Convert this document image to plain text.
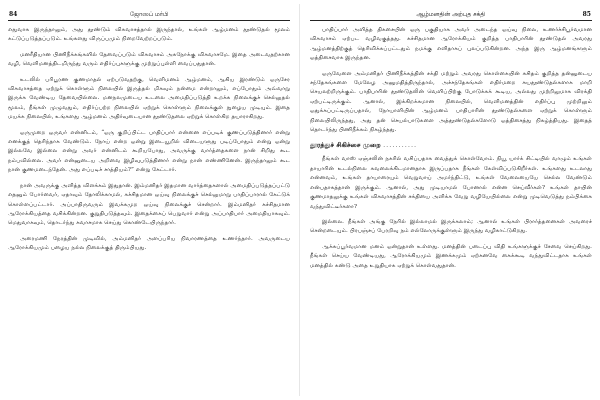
84	ஜோஸப் மர்பி

எதுவாக இருந்தாலும், அது தூண்டும் விசுவாசத்தால் இருந்தால், உங்கள் ஆழ்மனம் தூண்டுதல் மூலம் கட்டுப்படுத்தப்படும். உங்களது விருப்பமும் நிறைவேற்றப்படும்.

மனரீதியான பிணிநீக்கங்களில் தேவைப்படும் விசுவாசம் அகநோக்கு விசுவாசமே. இதை அடைவதற்கான வழி, வெளிமனத்திடமிருந்து வரும் எதிர்ப்புகளுக்கு முற்றுப்புள்ளி வைப்பதுதான்.

உடலில் பரிபூரண குணமாதல் ஏற்படுவதற்கு, வெளிமனம் ஆழ்மனம், ஆகிய இரண்டும் ஒருசேர விசுவாசத்தை ஏற்றுக் கொள்ளும் நிலையில் இருத்தல் மிகவும் நன்மை என்றாலும், எப்போதும் அவ்வாறு இருக்க வேண்டிய தேவையில்லை. மனநலமுடைய உடலை அமைதிப்படுத்தி உறக்க நிலைக்குச் செல்லுதல் மூலம், நீங்கள் முழுவதும், எதிர்ப்பற்ற நிலையில் ஏற்றுக் கொள்ளும் நிலைக்குள் நுழைய முடியும். இதை மயக்க நிலையில், உங்களது ஆழ்மனம் அதிர்வுடையான தூண்டுதலை ஏற்றுக் கொள்கிற தயாராகிறது.

ஒருமுறை ஒருவர் என்னிடம், “ஒரு குறிப்பிட்ட பாதிப்பார் என்னை எப்படிக் குணப்படுத்தினார் என்று எனக்குத் தெரிந்தாக வேண்டும். நோய் என்ற ஒன்று இடையூறில் விடையளுது படிப்போதும் என்று ஒன்று இல்லவே இல்லை என்று அவர் என்னிடம் கூறியபோது, அவருக்கு வார்த்தைகளை நான் சிறிது கூட நம்பவில்லை. அவர் என்னுடைய அறிவை இழிவுபடுத்தினார் என்று நான் எண்ணினேன். இருந்தாலும் கூட நான் குணமடைந்தேன். அது எப்படிச் சாத்தியம்?” என்று கேட்டார்.

நான் அவருக்கு அளித்த விளக்கம் இதுதான். இம்மனிதர் இதமான வார்த்தைகளால் அமைதிப்படுத்தப்பட்டு எதனும் போர்வைர், ஏதாவும் தோலிக்காமல், கச்சிதமான ஒய்வு நிலைக்குச் செல்லுமாறு பாதிப்பாரால் கேட்டுக் கொள்ளப்பட்டார். அப்பாதிருவரும் இவக்கமுற ஒய்வு நிலைக்குச் சென்றார். இம்மனிதர் கச்சிதமான ஆரோக்கியத்தை வசிக்கின்றன. குறுதிபடுத்தவும். இதைக்கைப் பெறுவார் என்று அப்பாதிபார் அமைதியாகவும். மெதுவாகவும், தொடர்ந்து சுவாசமாக செய்து கொண்டேயிருந்தார்.

அரைமணி நேரத்தின் முடிவில், அம்மனிதர் அளப்பரிய நிவாரணத்தை உணர்ந்தார். அவருடைய ஆரோக்கியமும் பழைய நல்ல நிலைக்குத் திரும்பியது.

ஆழ்மனதின் அற்புத சக்தி	85

பாதிப்பார் அளித்த திகசையின் ஒரு பகுதியாக அவர் அடைந்த ஒய்வு நிலை, உணர்ச்சிபூர்வமான விசுவாசம் ஏற்பட வழிவகுத்தது. கச்சிதமான ஆரோக்கியம் குறித்த பாதிபாரின் தூண்டுதல் அவரது ஆழ்மனத்திற்குத் தெரிவிக்கப்பட்டதும் நமக்கு எளிதாகப் புலப்படுகின்றன. அந்த இரு ஆழ்மனங்களும் ஒத்திசைவாக இருந்தன.

ஒருவேளை அம்மனிதர் பிணிநீக்கத்தின் சக்தி மற்றும் அவரது கொள்கையின் சுசிதம் குறித்த தன்னுடைய சந்தேகங்களை மேலேழ அனுமதித்திருந்தால், அச்சந்தேகங்கள் எதிர்மறை சுயதூண்டுதல்களாக மாறி செயலற்றிருக்கும். பாதிபாரின் தூண்டுதலின் வெளிப்பிற்கு போடுக்கக் கூடிய, அல்லது முற்றிலுமாக விரக்தி ஏற்பட்டிருக்கும். ஆனால், இக்கிறக்கமான நிலையில், வெளிமனத்தின் எதிர்ப்பு முற்றிலும் ஒதுக்கப்பட்டிருப்பதால், நோயாளியின் ஆழ்மனம் பாதிபாரின் தூண்டுதல்களை ஏற்றுக் கொள்ளும் நிலையிலிருந்தது, அது தன் செயல்பாடுகளை அத்தூண்டுதல்களோடு ஒத்திசைத்து நிகழ்த்தியது. இதைத் தொடர்ந்து பிணிநீக்கம் நிகழ்ந்தது.

தூரத்துச் சிகிச்சை முறை ...........

நீங்கள் வாஸ் ஏஞ்சலின் நகரில் வசிப்பதாக வைத்துக் கொள்வோம். நியூ யார்க் சிட்டியில் வாழும் உங்கள் தாயாரின் உடல்நிலை கவலைக்கிடமானதாக இருப்பதாக நீங்கள் கேள்விப்படுகிறீர்கள். உங்களது உடலாது என்னவம், உங்கள் தாயாரையும் வெறுவாய் அமர்ந்திட்டு, உங்கள் வேலையையே செல்ல வேண்டும் என்பதாகத்தான் இருக்கும். ஆனால், அது முடியாமல் போனால் என்ன செய்வீர்கள்? உங்கள் தாயின் குணமாதலுக்கு உங்கள் விசுவாசத்தின் சக்தியை அளிக்க வேறு வழியேயில்லை என்று முடிவெடுத்து நம்பிக்கை வந்துவிட்டீர்களா?

இல்லை. நீங்கள் அங்கு நேரில் இல்லாமல் இருக்கலாம்; ஆனால் உங்கள் பிரார்த்தனைகள் அவரைச் சென்றடையும். பிரபஞ்சப் பேரறிவு நம் எல்லோருக்குள்ளும் இருந்து வழிகாட்டுகிறது.

ஆக்கப்பூர்வமான மனம் ஒன்றுதான் உள்ளது. மனத்தின் படைப்பு விதி உங்களுக்குச் சேவை செய்கிறது. நீங்கள் செய்ய வேண்டியது, ஆரோக்கியமும் இணக்கமும் ஏற்கனவே கைக்கூடி வந்துவிட்டதாக உங்கள் மனத்தில் கண்டு அதை உறுதியாக ஏற்றுக் கொள்வதுதான்.
